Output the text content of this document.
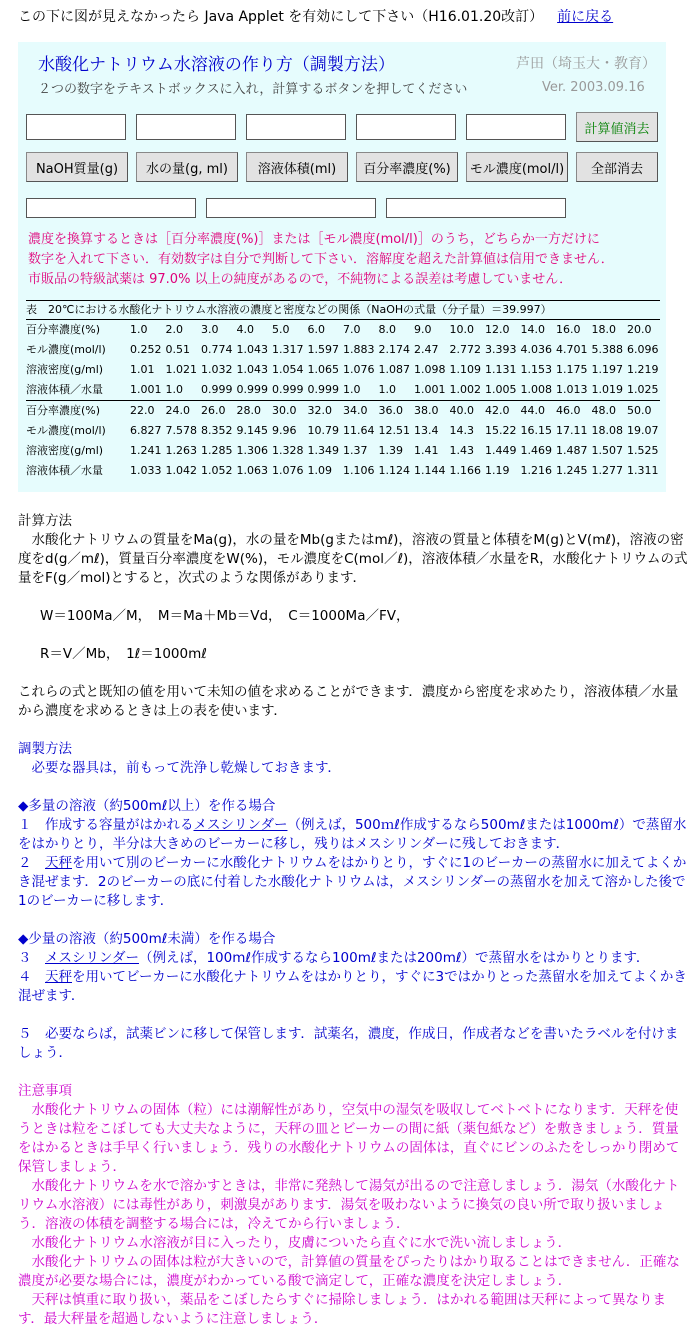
この下に図が見えなかったら Java Applet を有効にして下さい（H16.01.20改訂） 前に戻る
水酸化ナトリウム水溶液の作り方（調製方法）	芦田（埼玉大・教育）
２つの数字をテキストボックスに入れ，計算するボタンを押してください	Ver. 2003.09.16
計算値消去
NaOH質量(g)	水の量(g, ml)	溶液体積(ml)	百分率濃度(%)	モル濃度(mol/l)	全部消去

濃度を換算するときは［百分率濃度(%)］または［モル濃度(mol/l)］のうち，どちらか一方だけに

数字を入れて下さい．有効数字は自分で判断して下さい．溶解度を超えた計算値は信用できません．

市販品の特級試薬は 97.0% 以上の純度があるので，不純物による誤差は考慮していません．

表　20℃における水酸化ナトリウム水溶液の濃度と密度などの関係（NaOHの式量（分子量）＝39.997）
百分率濃度(%)	1.0	2.0	3.0	4.0	5.0	6.0	7.0	8.0	9.0	10.0	12.0	14.0	16.0	18.0	20.0
モル濃度(mol/l)	0.252 0.51	0.774 1.043 1.317 1.597 1.883 2.174 2.47	2.772 3.393 4.036 4.701 5.388 6.096
溶液密度(g/ml)	1.01	1.021 1.032 1.043 1.054 1.065 1.076 1.087 1.098 1.109 1.131 1.153 1.175 1.197 1.219
溶液体積／水量	1.001 1.0	0.999 0.999 0.999 0.999 1.0	1.0	1.001 1.002 1.005 1.008 1.013 1.019 1.025
百分率濃度(%)	22.0	24.0	26.0	28.0	30.0	32.0	34.0	36.0	38.0	40.0	42.0	44.0	46.0	48.0	50.0
モル濃度(mol/l)	6.827 7.578 8.352 9.145 9.96	10.79 11.64 12.51 13.4	14.3	15.22 16.15 17.11 18.08 19.07
溶液密度(g/ml)	1.241 1.263 1.285 1.306 1.328 1.349 1.37	1.39	1.41	1.43	1.449 1.469 1.487 1.507 1.525
溶液体積／水量	1.033 1.042 1.052 1.063 1.076 1.09	1.106 1.124 1.144 1.166 1.19	1.216 1.245 1.277 1.311

計算方法

　水酸化ナトリウムの質量をMa(g)，水の量をMb(gまたはmℓ)，溶液の質量と体積をM(g)とV(mℓ)，溶液の密度をd(g／mℓ)，質量百分率濃度をW(%)，モル濃度をC(mol／ℓ)，溶液体積／水量をR，水酸化ナトリウムの式量をF(g／mol)とすると，次式のような関係があります．

W＝100Ma／M，　M＝Ma＋Mb＝Vd，　C＝1000Ma／FV，

R＝V／Mb，　1ℓ＝1000mℓ

これらの式と既知の値を用いて未知の値を求めることができます．濃度から密度を求めたり，溶液体積／水量から濃度を求めるときは上の表を使います．

調製方法

　必要な器具は，前もって洗浄し乾燥しておきます．

◆多量の溶液（約500mℓ以上）を作る場合

１　作成する容量がはかれるメスシリンダー（例えば，500ｍℓ作成するなら500mℓまたは1000mℓ）で蒸留水をはかりとり，半分は大きめのビーカーに移し，残りはメスシリンダーに残しておきます．

２　天秤を用いて別のビーカーに水酸化ナトリウムをはかりとり，すぐに1のビーカーの蒸留水に加えてよくかき混ぜます．2のビーカーの底に付着した水酸化ナトリウムは，メスシリンダーの蒸留水を加えて溶かした後で1のビーカーに移します．

◆少量の溶液（約500mℓ未満）を作る場合

３　メスシリンダー（例えば，100mℓ作成するなら100mℓまたは200mℓ）で蒸留水をはかりとります．

４　天秤を用いてビーカーに水酸化ナトリウムをはかりとり，すぐに3ではかりとった蒸留水を加えてよくかき混ぜます．

５　必要ならば，試薬ビンに移して保管します．試薬名，濃度，作成日，作成者などを書いたラベルを付けましょう．

注意事項

　水酸化ナトリウムの固体（粒）には潮解性があり，空気中の湿気を吸収してベトベトになります．天秤を使うときは粒をこぼしても大丈夫なように，天秤の皿とビーカーの間に紙（薬包紙など）を敷きましょう．質量をはかるときは手早く行いましょう．残りの水酸化ナトリウムの固体は，直ぐにビンのふたをしっかり閉めて保管しましょう．

　水酸化ナトリウムを水で溶かすときは，非常に発熱して湯気が出るので注意しましょう．湯気（水酸化ナトリウム水溶液）には毒性があり，刺激臭があります．湯気を吸わないように換気の良い所で取り扱いましょう．溶液の体積を調整する場合には，冷えてから行いましょう．

　水酸化ナトリウム水溶液が目に入ったり，皮膚についたら直ぐに水で洗い流しましょう．

　水酸化ナトリウムの固体は粒が大きいので，計算値の質量をぴったりはかり取ることはできません．正確な濃度が必要な場合には，濃度がわかっている酸で滴定して，正確な濃度を決定しましょう．

　天秤は慎重に取り扱い，薬品をこぼしたらすぐに掃除しましょう．はかれる範囲は天秤によって異なります．最大秤量を超過しないように注意しましょう．
